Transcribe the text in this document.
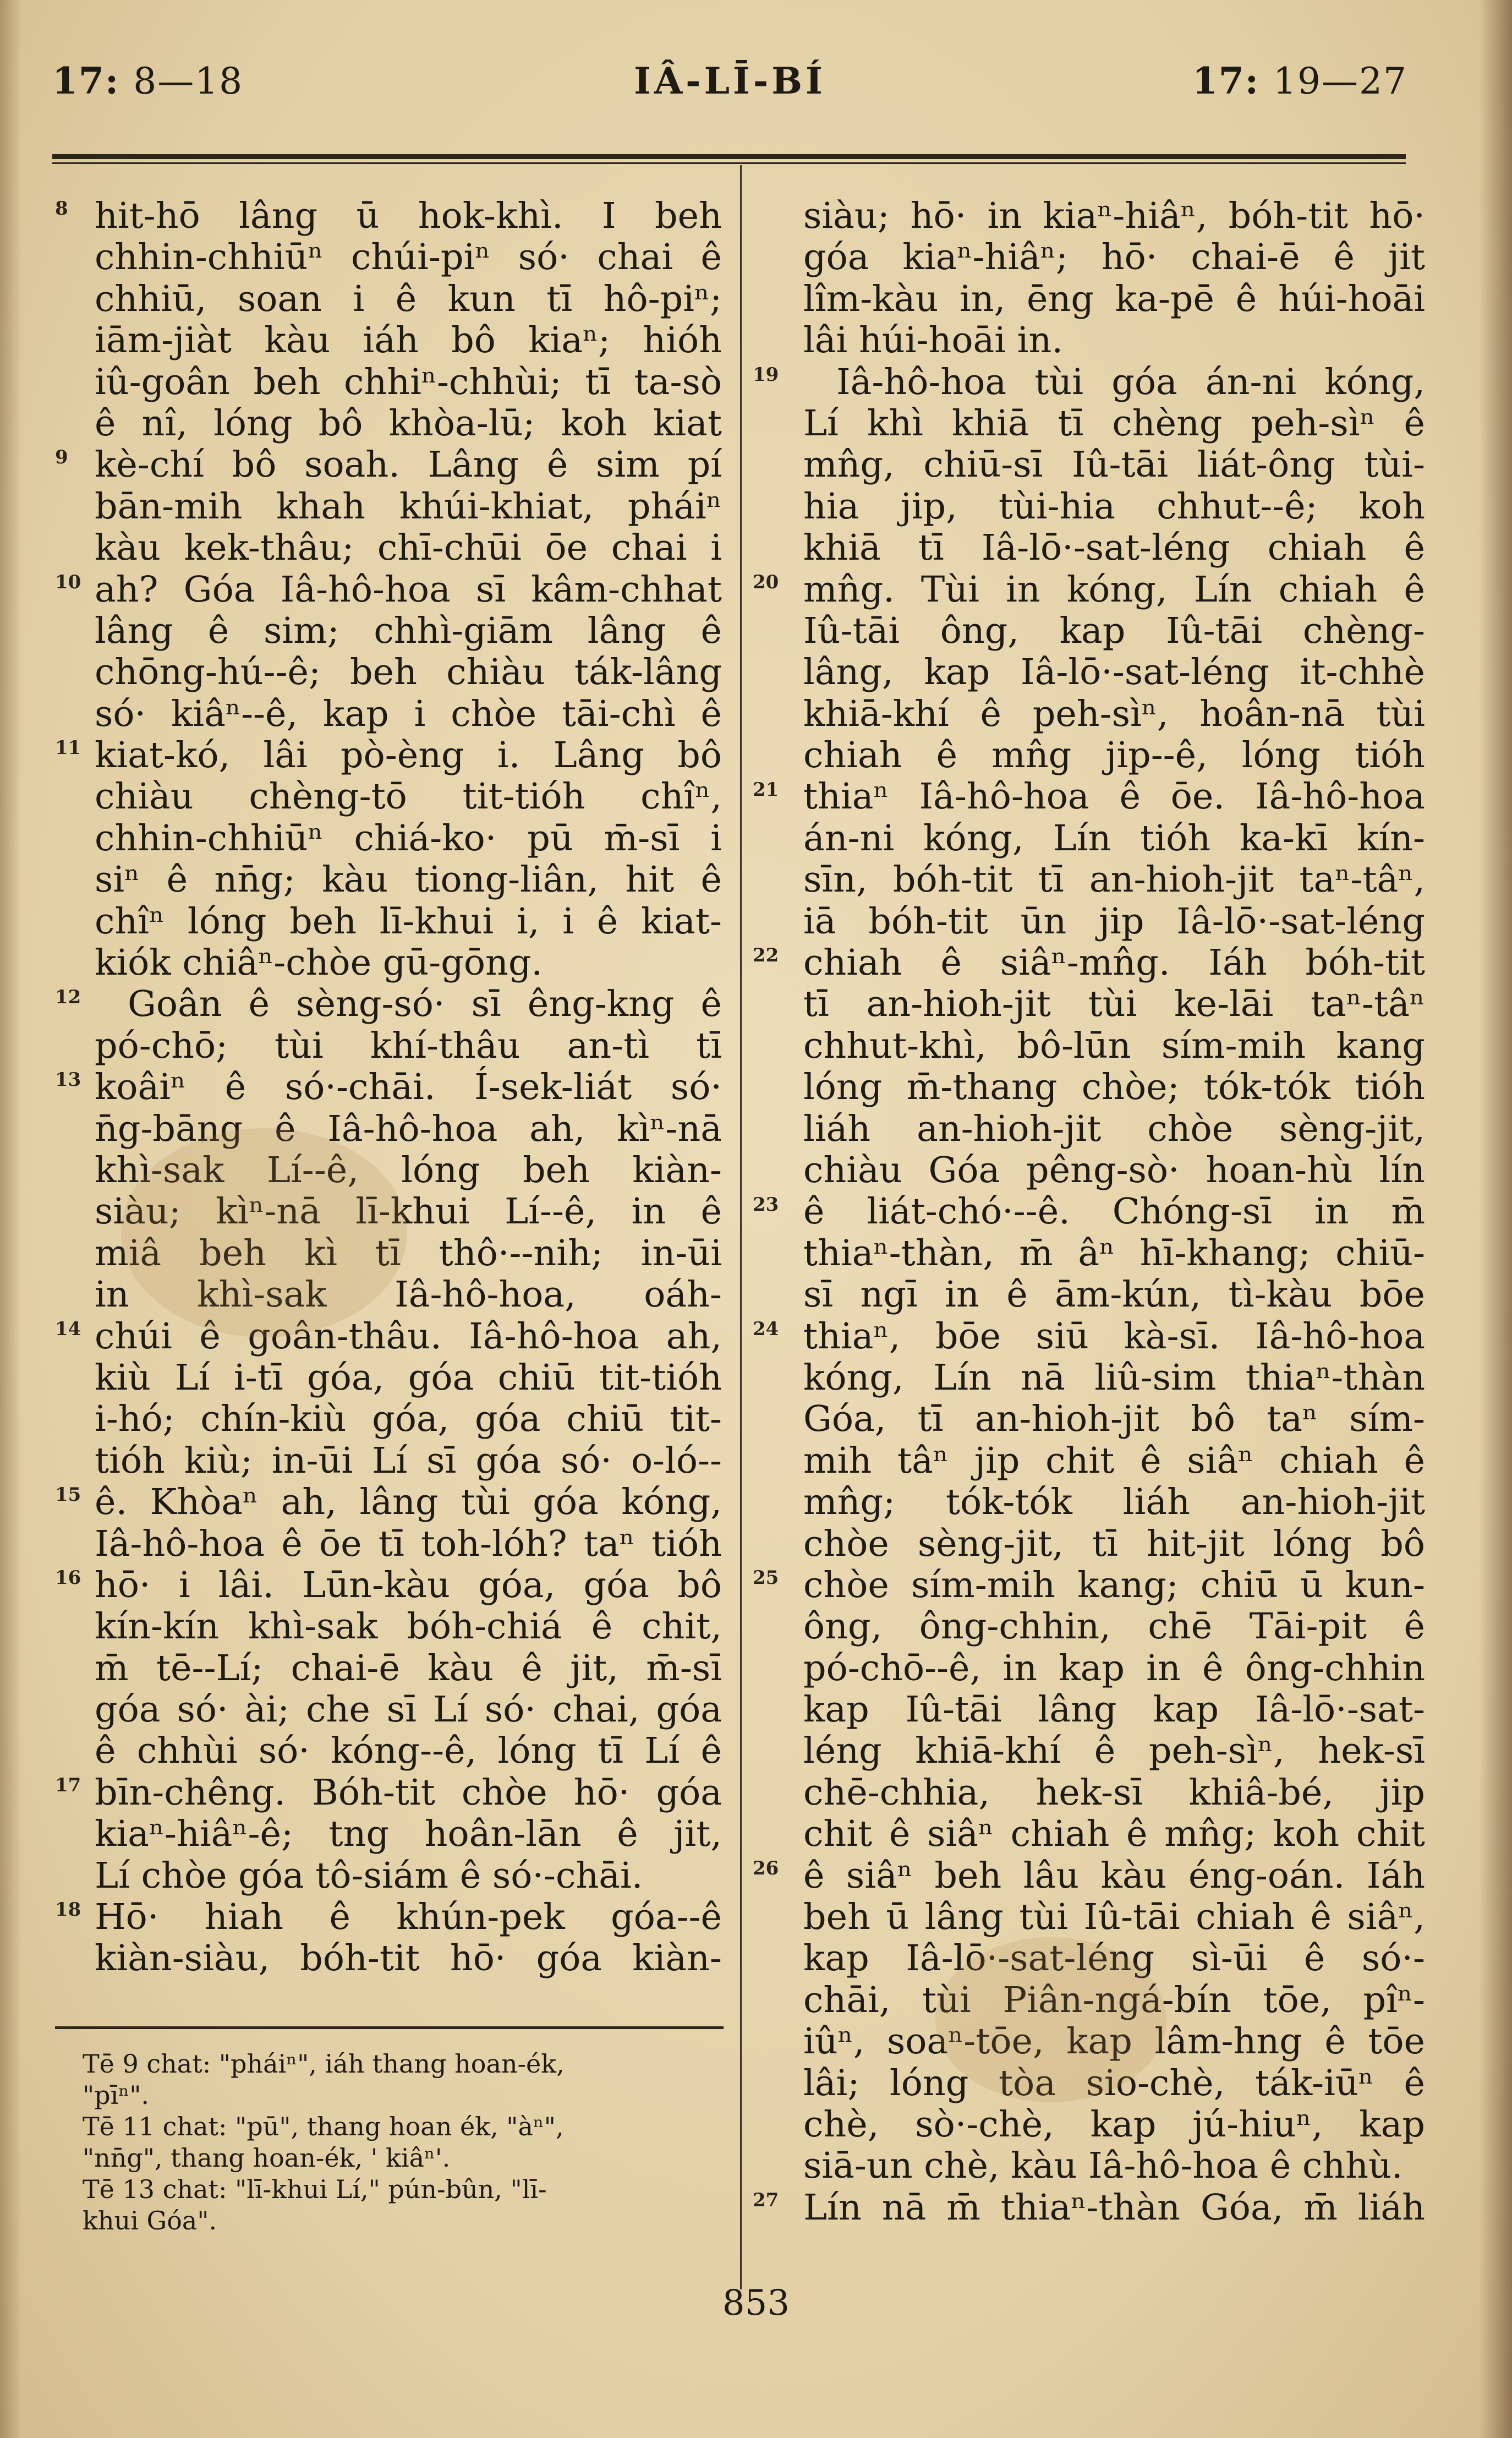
17: 8—18	IÂ-LĪ-BÍ	17: 19—27
8
9
10
11
12
13
14
15
16
17
18
hit-hō lâng ū hok-khì. I beh
chhin-chhiūⁿ chúi-piⁿ só· chai ê
chhiū, soan i ê kun tī hô-piⁿ;
iām-jiàt kàu iáh bô kiaⁿ; hióh
iû-goân beh chhiⁿ-chhùi; tī ta-sò
ê nî, lóng bô khòa-lū; koh kiat
kè-chí bô soah. Lâng ê sim pí
bān-mih khah khúi-khiat, pháiⁿ
kàu kek-thâu; chī-chūi ōe chai i
ah? Góa Iâ-hô-hoa sī kâm-chhat
lâng ê sim; chhì-giām lâng ê
chōng-hú--ê; beh chiàu ták-lâng
só· kiâⁿ--ê, kap i chòe tāi-chì ê
kiat-kó, lâi pò-èng i. Lâng bô
chiàu chèng-tō tit-tióh chîⁿ,
chhin-chhiūⁿ chiá-ko· pū m̄-sī i
siⁿ ê nn̄g; kàu tiong-liân, hit ê
chîⁿ lóng beh lī-khui i, i ê kiat-
kiók chiâⁿ-chòe gū-gōng.
Goân ê sèng-só· sī êng-kng ê
pó-chō; tùi khí-thâu an-tì tī
koâiⁿ ê só·-chāi. Í-sek-liát só·
n̄g-bāng ê Iâ-hô-hoa ah, kìⁿ-nā
khì-sak Lí--ê, lóng beh kiàn-
siàu; kìⁿ-nā lī-khui Lí--ê, in ê
miâ beh kì tī thô·--nih; in-ūi
in khì-sak Iâ-hô-hoa, oáh-
chúi ê goân-thâu. Iâ-hô-hoa ah,
kiù Lí i-tī góa, góa chiū tit-tióh
i-hó; chín-kiù góa, góa chiū tit-
tióh kiù; in-ūi Lí sī góa só· o-ló--
ê. Khòaⁿ ah, lâng tùi góa kóng,
Iâ-hô-hoa ê ōe tī toh-lóh? taⁿ tióh
hō· i lâi. Lūn-kàu góa, góa bô
kín-kín khì-sak bóh-chiá ê chit,
m̄ tē--Lí; chai-ē kàu ê jit, m̄-sī
góa só· ài; che sī Lí só· chai, góa
ê chhùi só· kóng--ê, lóng tī Lí ê
bīn-chêng. Bóh-tit chòe hō· góa
kiaⁿ-hiâⁿ-ê; tng hoân-lān ê jit,
Lí chòe góa tô-siám ê só·-chāi.
Hō· hiah ê khún-pek góa--ê
kiàn-siàu, bóh-tit hō· góa kiàn-
19
20
21
22
23
24
25
26
27
siàu; hō· in kiaⁿ-hiâⁿ, bóh-tit hō·
góa kiaⁿ-hiâⁿ; hō· chai-ē ê jit
lîm-kàu in, ēng ka-pē ê húi-hoāi
lâi húi-hoāi in.
Iâ-hô-hoa tùi góa án-ni kóng,
Lí khì khiā tī chèng peh-sìⁿ ê
mn̂g, chiū-sī Iû-tāi liát-ông tùi-
hia jip, tùi-hia chhut--ê; koh
khiā tī Iâ-lō·-sat-léng chiah ê
mn̂g. Tùi in kóng, Lín chiah ê
Iû-tāi ông, kap Iû-tāi chèng-
lâng, kap Iâ-lō·-sat-léng it-chhè
khiā-khí ê peh-sìⁿ, hoân-nā tùi
chiah ê mn̂g jip--ê, lóng tióh
thiaⁿ Iâ-hô-hoa ê ōe. Iâ-hô-hoa
án-ni kóng, Lín tióh ka-kī kín-
sīn, bóh-tit tī an-hioh-jit taⁿ-tâⁿ,
iā bóh-tit ūn jip Iâ-lō·-sat-léng
chiah ê siâⁿ-mn̂g. Iáh bóh-tit
tī an-hioh-jit tùi ke-lāi taⁿ-tâⁿ
chhut-khì, bô-lūn sím-mih kang
lóng m̄-thang chòe; tók-tók tióh
liáh an-hioh-jit chòe sèng-jit,
chiàu Góa pêng-sò· hoan-hù lín
ê liát-chó·--ê. Chóng-sī in m̄
thiaⁿ-thàn, m̄ âⁿ hī-khang; chiū-
sī ngī in ê ām-kún, tì-kàu bōe
thiaⁿ, bōe siū kà-sī. Iâ-hô-hoa
kóng, Lín nā liû-sim thiaⁿ-thàn
Góa, tī an-hioh-jit bô taⁿ sím-
mih tâⁿ jip chit ê siâⁿ chiah ê
mn̂g; tók-tók liáh an-hioh-jit
chòe sèng-jit, tī hit-jit lóng bô
chòe sím-mih kang; chiū ū kun-
ông, ông-chhin, chē Tāi-pit ê
pó-chō--ê, in kap in ê ông-chhin
kap Iû-tāi lâng kap Iâ-lō·-sat-
léng khiā-khí ê peh-sìⁿ, hek-sī
chē-chhia, hek-sī khiâ-bé, jip
chit ê siâⁿ chiah ê mn̂g; koh chit
ê siâⁿ beh lâu kàu éng-oán. Iáh
beh ū lâng tùi Iû-tāi chiah ê siâⁿ,
kap Iâ-lō·-sat-léng sì-ūi ê só·-
chāi, tùi Piân-ngá-bín tōe, pîⁿ-
iûⁿ, soaⁿ-tōe, kap lâm-hng ê tōe
lâi; lóng tòa sio-chè, ták-iūⁿ ê
chè, sò·-chè, kap jú-hiuⁿ, kap
siā-un chè, kàu Iâ-hô-hoa ê chhù.
Lín nā m̄ thiaⁿ-thàn Góa, m̄ liáh
Tē 9 chat: "pháiⁿ", iáh thang hoan-ék,
"pīⁿ".
Tē 11 chat: "pū", thang hoan ék, "àⁿ",
"nn̄g", thang hoan-ék, ' kiâⁿ'.
Tē 13 chat: "lī-khui Lí," pún-bûn, "lī-
khui Góa".
853
